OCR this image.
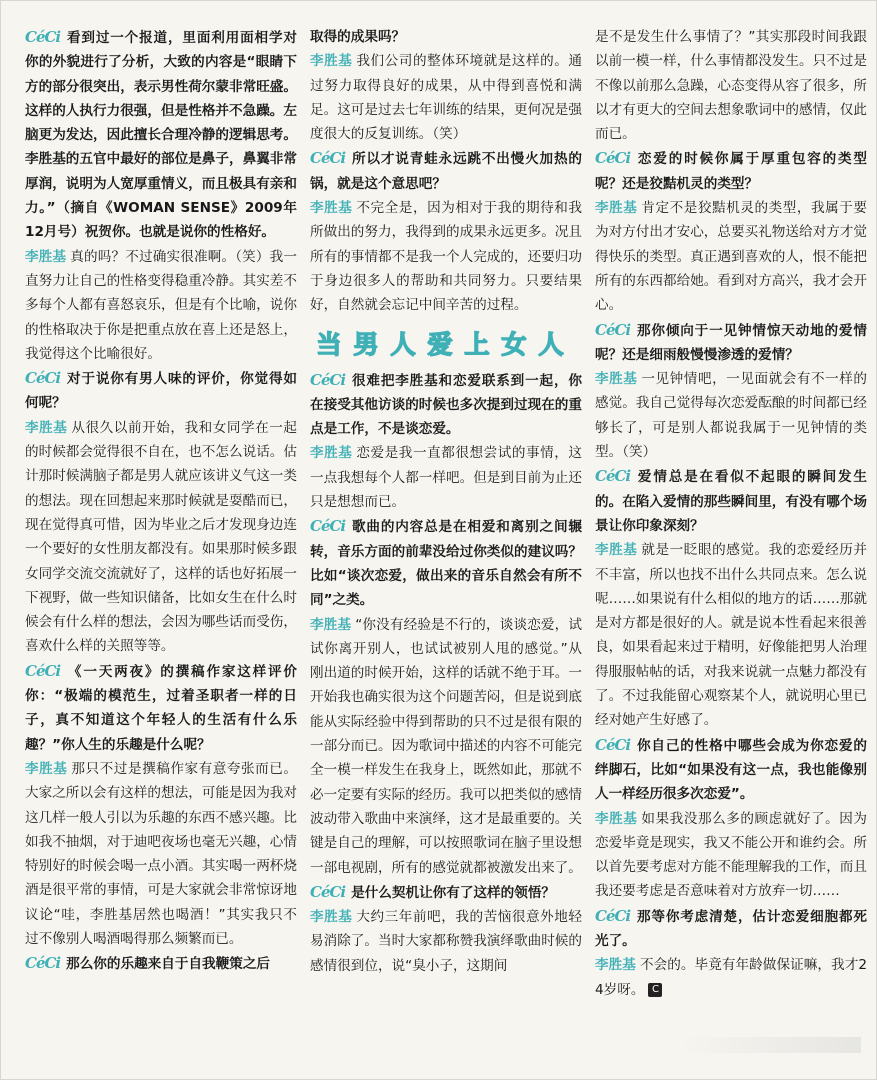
CéCi 看到过一个报道，里面利用面相学对你的外貌进行了分析，大致的内容是“眼睛下方的部分很突出，表示男性荷尔蒙非常旺盛。这样的人执行力很强，但是性格并不急躁。左脑更为发达，因此擅长合理冷静的逻辑思考。李胜基的五官中最好的部位是鼻子，鼻翼非常厚润，说明为人宽厚重情义，而且极具有亲和力。”（摘自《WOMAN SENSE》2009年12月号）祝贺你。也就是说你的性格好。

李胜基 真的吗？不过确实很准啊。（笑）我一直努力让自己的性格变得稳重冷静。其实差不多每个人都有喜怒哀乐，但是有个比喻，说你的性格取决于你是把重点放在喜上还是怒上，我觉得这个比喻很好。

CéCi 对于说你有男人味的评价，你觉得如何呢？

李胜基 从很久以前开始，我和女同学在一起的时候都会觉得很不自在，也不怎么说话。估计那时候满脑子都是男人就应该讲义气这一类的想法。现在回想起来那时候就是耍酷而已，现在觉得真可惜，因为毕业之后才发现身边连一个要好的女性朋友都没有。如果那时候多跟女同学交流交流就好了，这样的话也好拓展一下视野，做一些知识储备，比如女生在什么时候会有什么样的想法，会因为哪些话而受伤，喜欢什么样的关照等等。

CéCi 《一天两夜》的撰稿作家这样评价你：“极端的模范生，过着圣职者一样的日子，真不知道这个年轻人的生活有什么乐趣？”你人生的乐趣是什么呢？

李胜基 那只不过是撰稿作家有意夸张而已。大家之所以会有这样的想法，可能是因为我对这几样一般人引以为乐趣的东西不感兴趣。比如我不抽烟，对于迪吧夜场也毫无兴趣，心情特别好的时候会喝一点小酒。其实喝一两杯烧酒是很平常的事情，可是大家就会非常惊讶地议论“哇，李胜基居然也喝酒！”其实我只不过不像别人喝酒喝得那么频繁而已。

CéCi 那么你的乐趣来自于自我鞭策之后

取得的成果吗？

李胜基 我们公司的整体环境就是这样的。通过努力取得良好的成果，从中得到喜悦和满足。这可是过去七年训练的结果，更何况是强度很大的反复训练。（笑）

CéCi 所以才说青蛙永远跳不出慢火加热的锅，就是这个意思吧？

李胜基 不完全是，因为相对于我的期待和我所做出的努力，我得到的成果永远更多。况且所有的事情都不是我一个人完成的，还要归功于身边很多人的帮助和共同努力。只要结果好，自然就会忘记中间辛苦的过程。

当男人爱上女人

CéCi 很难把李胜基和恋爱联系到一起，你在接受其他访谈的时候也多次提到过现在的重点是工作，不是谈恋爱。

李胜基 恋爱是我一直都很想尝试的事情，这一点我想每个人都一样吧。但是到目前为止还只是想想而已。

CéCi 歌曲的内容总是在相爱和离别之间辗转，音乐方面的前辈没给过你类似的建议吗？比如“谈次恋爱，做出来的音乐自然会有所不同”之类。

李胜基 “你没有经验是不行的，谈谈恋爱，试试你离开别人，也试试被别人甩的感觉。”从刚出道的时候开始，这样的话就不绝于耳。一开始我也确实很为这个问题苦闷，但是说到底能从实际经验中得到帮助的只不过是很有限的一部分而已。因为歌词中描述的内容不可能完全一模一样发生在我身上，既然如此，那就不必一定要有实际的经历。我可以把类似的感情波动带入歌曲中来演绎，这才是最重要的。关键是自己的理解，可以按照歌词在脑子里设想一部电视剧，所有的感觉就都被激发出来了。

CéCi 是什么契机让你有了这样的领悟？

李胜基 大约三年前吧，我的苦恼很意外地轻易消除了。当时大家都称赞我演绎歌曲时候的感情很到位，说“臭小子，这期间

是不是发生什么事情了？”其实那段时间我跟以前一模一样，什么事情都没发生。只不过是不像以前那么急躁，心态变得从容了很多，所以才有更大的空间去想象歌词中的感情，仅此而已。

CéCi 恋爱的时候你属于厚重包容的类型呢？还是狡黠机灵的类型？

李胜基 肯定不是狡黠机灵的类型，我属于要为对方付出才安心，总要买礼物送给对方才觉得快乐的类型。真正遇到喜欢的人，恨不能把所有的东西都给她。看到对方高兴，我才会开心。

CéCi 那你倾向于一见钟情惊天动地的爱情呢？还是细雨般慢慢渗透的爱情？

李胜基 一见钟情吧，一见面就会有不一样的感觉。我自己觉得每次恋爱酝酿的时间都已经够长了，可是别人都说我属于一见钟情的类型。（笑）

CéCi 爱情总是在看似不起眼的瞬间发生的。在陷入爱情的那些瞬间里，有没有哪个场景让你印象深刻？

李胜基 就是一眨眼的感觉。我的恋爱经历并不丰富，所以也找不出什么共同点来。怎么说呢……如果说有什么相似的地方的话……那就是对方都是很好的人。就是说本性看起来很善良，如果看起来过于精明，好像能把男人治理得服服帖帖的话，对我来说就一点魅力都没有了。不过我能留心观察某个人，就说明心里已经对她产生好感了。

CéCi 你自己的性格中哪些会成为你恋爱的绊脚石，比如“如果没有这一点，我也能像别人一样经历很多次恋爱”。

李胜基 如果我没那么多的顾虑就好了。因为恋爱毕竟是现实，我又不能公开和谁约会。所以首先要考虑对方能不能理解我的工作，而且我还要考虑是否意味着对方放弃一切……

CéCi 那等你考虑清楚，估计恋爱细胞都死光了。

李胜基 不会的。毕竟有年龄做保证嘛，我才24岁呀。 C
